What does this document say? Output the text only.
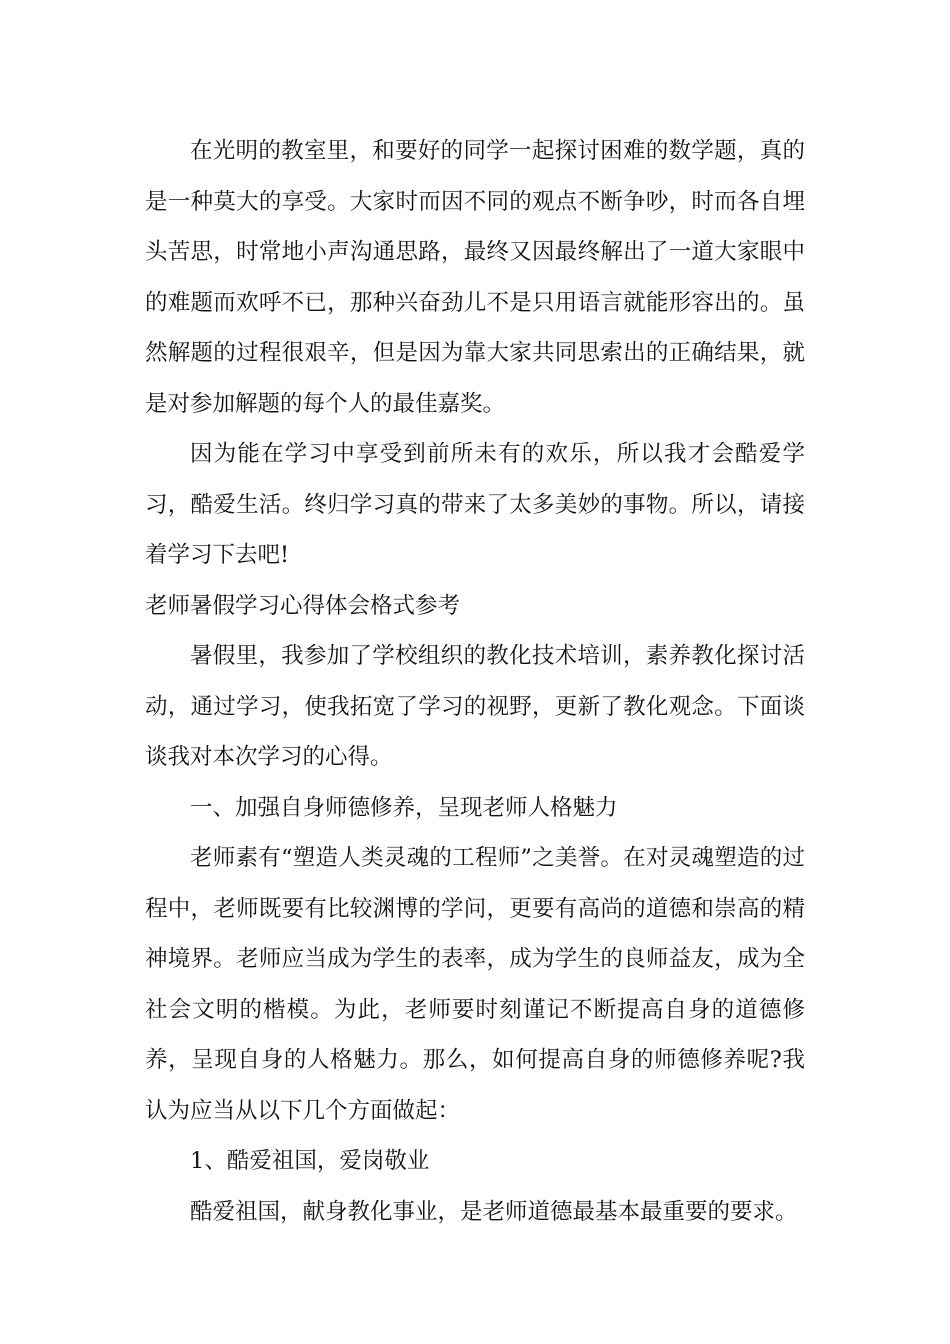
在光明的教室里，和要好的同学一起探讨困难的数学题，真的是一种莫大的享受。大家时而因不同的观点不断争吵，时而各自埋头苦思，时常地小声沟通思路，最终又因最终解出了一道大家眼中的难题而欢呼不已，那种兴奋劲儿不是只用语言就能形容出的。虽然解题的过程很艰辛，但是因为靠大家共同思索出的正确结果，就是对参加解题的每个人的最佳嘉奖。

因为能在学习中享受到前所未有的欢乐，所以我才会酷爱学习，酷爱生活。终归学习真的带来了太多美妙的事物。所以，请接着学习下去吧!

老师暑假学习心得体会格式参考

暑假里，我参加了学校组织的教化技术培训，素养教化探讨活动，通过学习，使我拓宽了学习的视野，更新了教化观念。下面谈谈我对本次学习的心得。

一、加强自身师德修养，呈现老师人格魅力

老师素有“塑造人类灵魂的工程师”之美誉。在对灵魂塑造的过程中，老师既要有比较渊博的学问，更要有高尚的道德和崇高的精神境界。老师应当成为学生的表率，成为学生的良师益友，成为全社会文明的楷模。为此，老师要时刻谨记不断提高自身的道德修养，呈现自身的人格魅力。那么，如何提高自身的师德修养呢?我认为应当从以下几个方面做起：

1、酷爱祖国，爱岗敬业

酷爱祖国，献身教化事业，是老师道德最基本最重要的要求。
